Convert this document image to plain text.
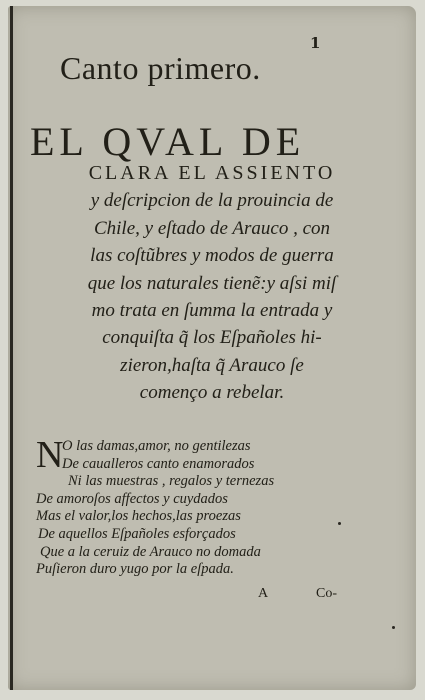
1
Canto primero.
EL QVAL DE
CLARA EL ASSIENTO
y deſcripcion de la prouincia de
Chile, y eſtado de Arauco , con
las coſtũbres y modos de guerra
que los naturales tienẽ:y aſsi miſ
mo trata en ſumma la entrada y
conquiſta q̃ los Eſpañoles hi-
zieron,haſta q̃ Arauco ſe
començo a rebelar.
N
O las damas,amor, no gentilezas
De caualleros canto enamorados
Ni las muestras , regalos y ternezas
De amoroſos affectos y cuydados
Mas el valor,los hechos,las proezas
De aquellos Eſpañoles esforçados
Que a la ceruiz de Arauco no domada
Puſieron duro yugo por la eſpada.
A	Co-
